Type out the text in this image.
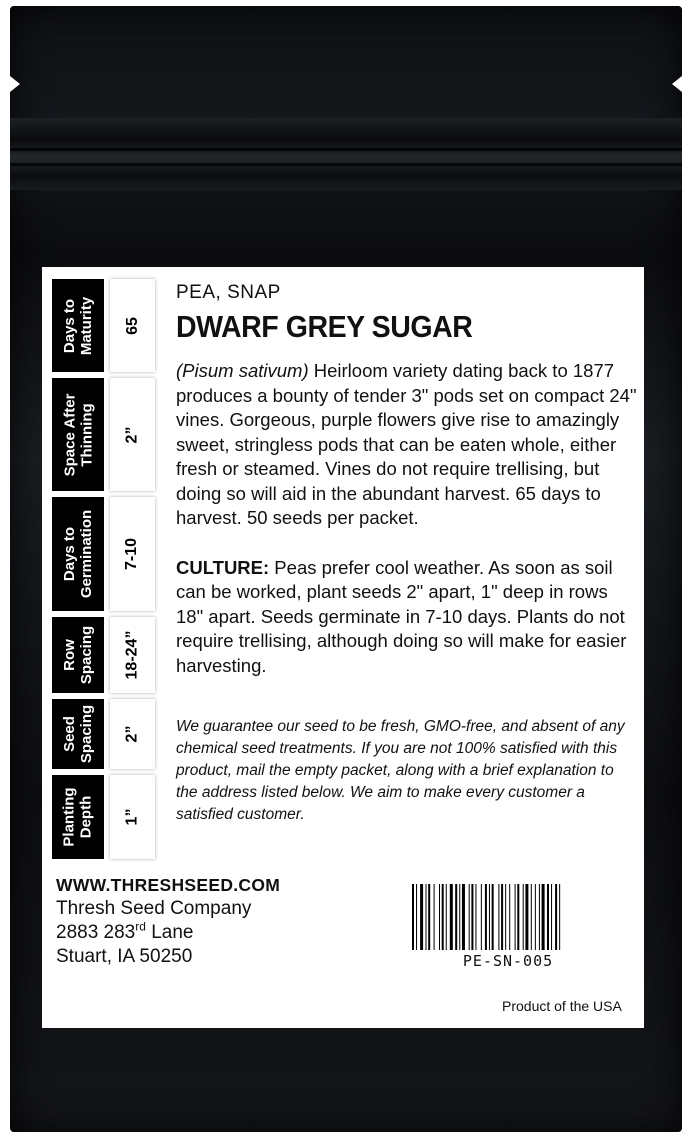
Days to
Maturity 65
Space After
Thinning 2”
Days to
Germination 7-10
Row
Spacing 18-24”
Seed
Spacing 2”
Planting
Depth 1”
PEA, SNAP
DWARF GREY SUGAR
(Pisum sativum) Heirloom variety dating back to 1877 produces a bounty of tender 3" pods set on compact 24" vines. Gorgeous, purple flowers give rise to amazingly sweet, stringless pods that can be eaten whole, either fresh or steamed. Vines do not require trellising, but doing so will aid in the abundant harvest. 65 days to harvest. 50 seeds per packet.
CULTURE: Peas prefer cool weather. As soon as soil can be worked, plant seeds 2" apart, 1" deep in rows 18" apart. Seeds germinate in 7-10 days. Plants do not require trellising, although doing so will make for easier harvesting.
We guarantee our seed to be fresh, GMO-free, and absent of any chemical seed treatments. If you are not 100% satisfied with this product, mail the empty packet, along with a brief explanation to the address listed below. We aim to make every customer a satisfied customer.
WWW.THRESHSEED.COM
Thresh Seed Company
2883 283rd Lane
Stuart, IA 50250	PE-SN-005
Product of the USA
